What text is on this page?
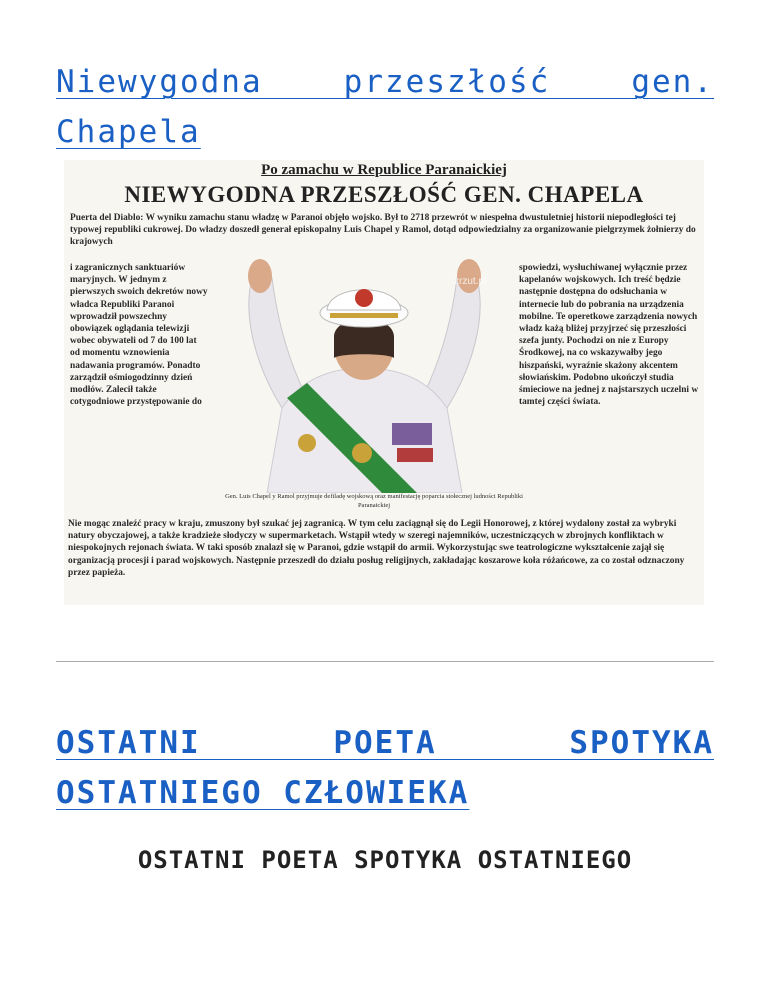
Niewygodna przeszłość gen. Chapela
Po zamachu w Republice Paranaickiej
NIEWYGODNA PRZESZŁOŚĆ GEN. CHAPELA

Puerta del Diablo: W wyniku zamachu stanu władzę w Paranoi objęło wojsko. Był to 2718 przewrót w niespełna dwustuletniej historii niepodległości tej typowej republiki cukrowej. Do władzy doszedł generał episkopalny Luis Chapel y Ramol, dotąd odpowiedzialny za organizowanie pielgrzymek żołnierzy do krajowych

i zagranicznych sanktuariów maryjnych. W jednym z pierwszych swoich dekretów nowy władca Republiki Paranoi wprowadził powszechny obowiązek oglądania telewizji wobec obywateli od 7 do 100 lat od momentu wznowienia nadawania programów. Ponadto zarządził ośmiogodzinny dzień modłów. Zalecił także cotygodniowe przystępowanie do

zrzut.pl

spowiedzi, wysłuchiwanej wyłącznie przez kapelanów wojskowych. Ich treść będzie następnie dostępna do odsłuchania w internecie lub do pobrania na urządzenia mobilne. Te operetkowe zarządzenia nowych władz każą bliżej przyjrzeć się przeszłości szefa junty. Pochodzi on nie z Europy Środkowej, na co wskazywałby jego hiszpański, wyraźnie skażony akcentem słowiańskim. Podobno ukończył studia śmieciowe na jednej z najstarszych uczelni w tamtej części świata.

Gen. Luis Chapel y Ramol przyjmuje defiladę wojskową oraz manifestację poparcia stołecznej ludności Republiki Paranaickiej

Nie mogąc znaleźć pracy w kraju, zmuszony był szukać jej zagranicą. W tym celu zaciągnął się do Legii Honorowej, z której wydalony został za wybryki natury obyczajowej, a także kradzieże słodyczy w supermarketach. Wstąpił wtedy w szeregi najemników, uczestniczących w zbrojnych konfliktach w niespokojnych rejonach świata. W taki sposób znalazł się w Paranoi, gdzie wstąpił do armii. Wykorzystując swe teatrologiczne wykształcenie zajął się organizacją procesji i parad wojskowych. Następnie przeszedł do działu posług religijnych, zakładając koszarowe koła różańcowe, za co został odznaczony przez papieża.

OSTATNI POETA SPOTYKA OSTATNIEGO CZŁOWIEKA
OSTATNI POETA SPOTYKA OSTATNIEGO
